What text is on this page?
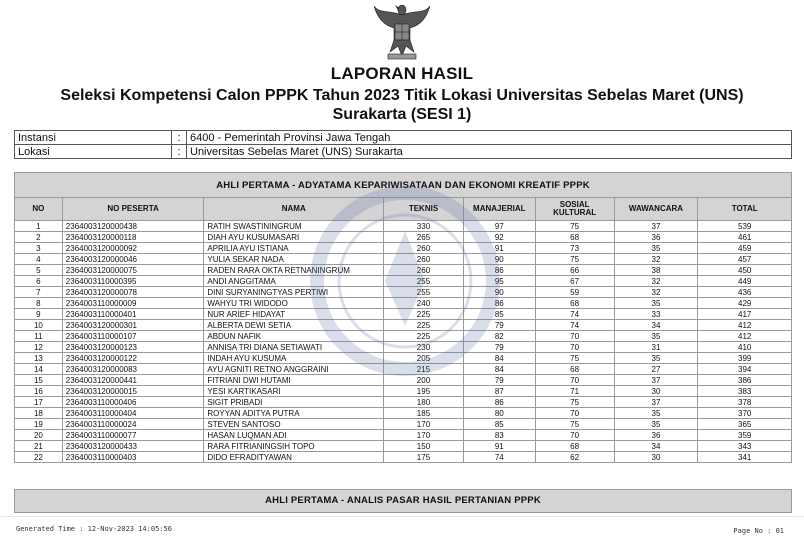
LAPORAN HASIL
Seleksi Kompetensi Calon PPPK Tahun 2023 Titik Lokasi Universitas Sebelas Maret (UNS)
Surakarta (SESI 1)
Instansi	:	6400 - Pemerintah Provinsi Jawa Tengah
Lokasi	:	Universitas Sebelas Maret (UNS) Surakarta
AHLI PERTAMA - ADYATAMA KEPARIWISATAAN DAN EKONOMI KREATIF PPPK							
NO	NO PESERTA	NAMA	TEKNIS	MANAJERIAL	SOSIAL KULTURAL	WAWANCARA	TOTAL
1	2364003120000438	RATIH SWASTININGRUM	330	97	75	37	539
2	2364003120000118	DIAH AYU KUSUMASARI	265	92	68	36	461
3	2364003120000092	APRILIA AYU ISTIANA	260	91	73	35	459
4	2364003120000046	YULIA SEKAR NADA	260	90	75	32	457
5	2364003120000075	RADEN RARA OKTA RETNANINGRUM	260	86	66	38	450
6	2364003110000395	ANDI ANGGITAMA	255	95	67	32	449
7	2364003120000078	DINI SURYANINGTYAS PERTIWI	255	90	59	32	436
8	2364003110000009	WAHYU TRI WIDODO	240	86	68	35	429
9	2364003110000401	NUR ARIEF HIDAYAT	225	85	74	33	417
10	2364003120000301	ALBERTA DEWI SETIA	225	79	74	34	412
11	2364003110000107	ABDUN NAFIK	225	82	70	35	412
12	2364003120000123	ANNISA TRI DIANA SETIAWATI	230	79	70	31	410
13	2364003120000122	INDAH AYU KUSUMA	205	84	75	35	399
14	2364003120000083	AYU AGNITI RETNO ANGGRAINI	215	84	68	27	394
15	2364003120000441	FITRIANI DWI HUTAMI	200	79	70	37	386
16	2364003120000015	YESI KARTIKASARI	195	87	71	30	383
17	2364003110000406	SIGIT PRIBADI	180	86	75	37	378
18	2364003110000404	ROYYAN ADITYA PUTRA	185	80	70	35	370
19	2364003110000024	STEVEN SANTOSO	170	85	75	35	365
20	2364003110000077	HASAN LUQMAN ADI	170	83	70	36	359
21	2364003120000433	RARA FITRIANINGSIH TOPO	150	91	68	34	343
22	2364003110000403	DIDO EFRADITYAWAN	175	74	62	30	341
AHLI PERTAMA - ANALIS PASAR HASIL PERTANIAN PPPK
Generated Time : 12-Nov-2023 14:05:56	Page No : 01
